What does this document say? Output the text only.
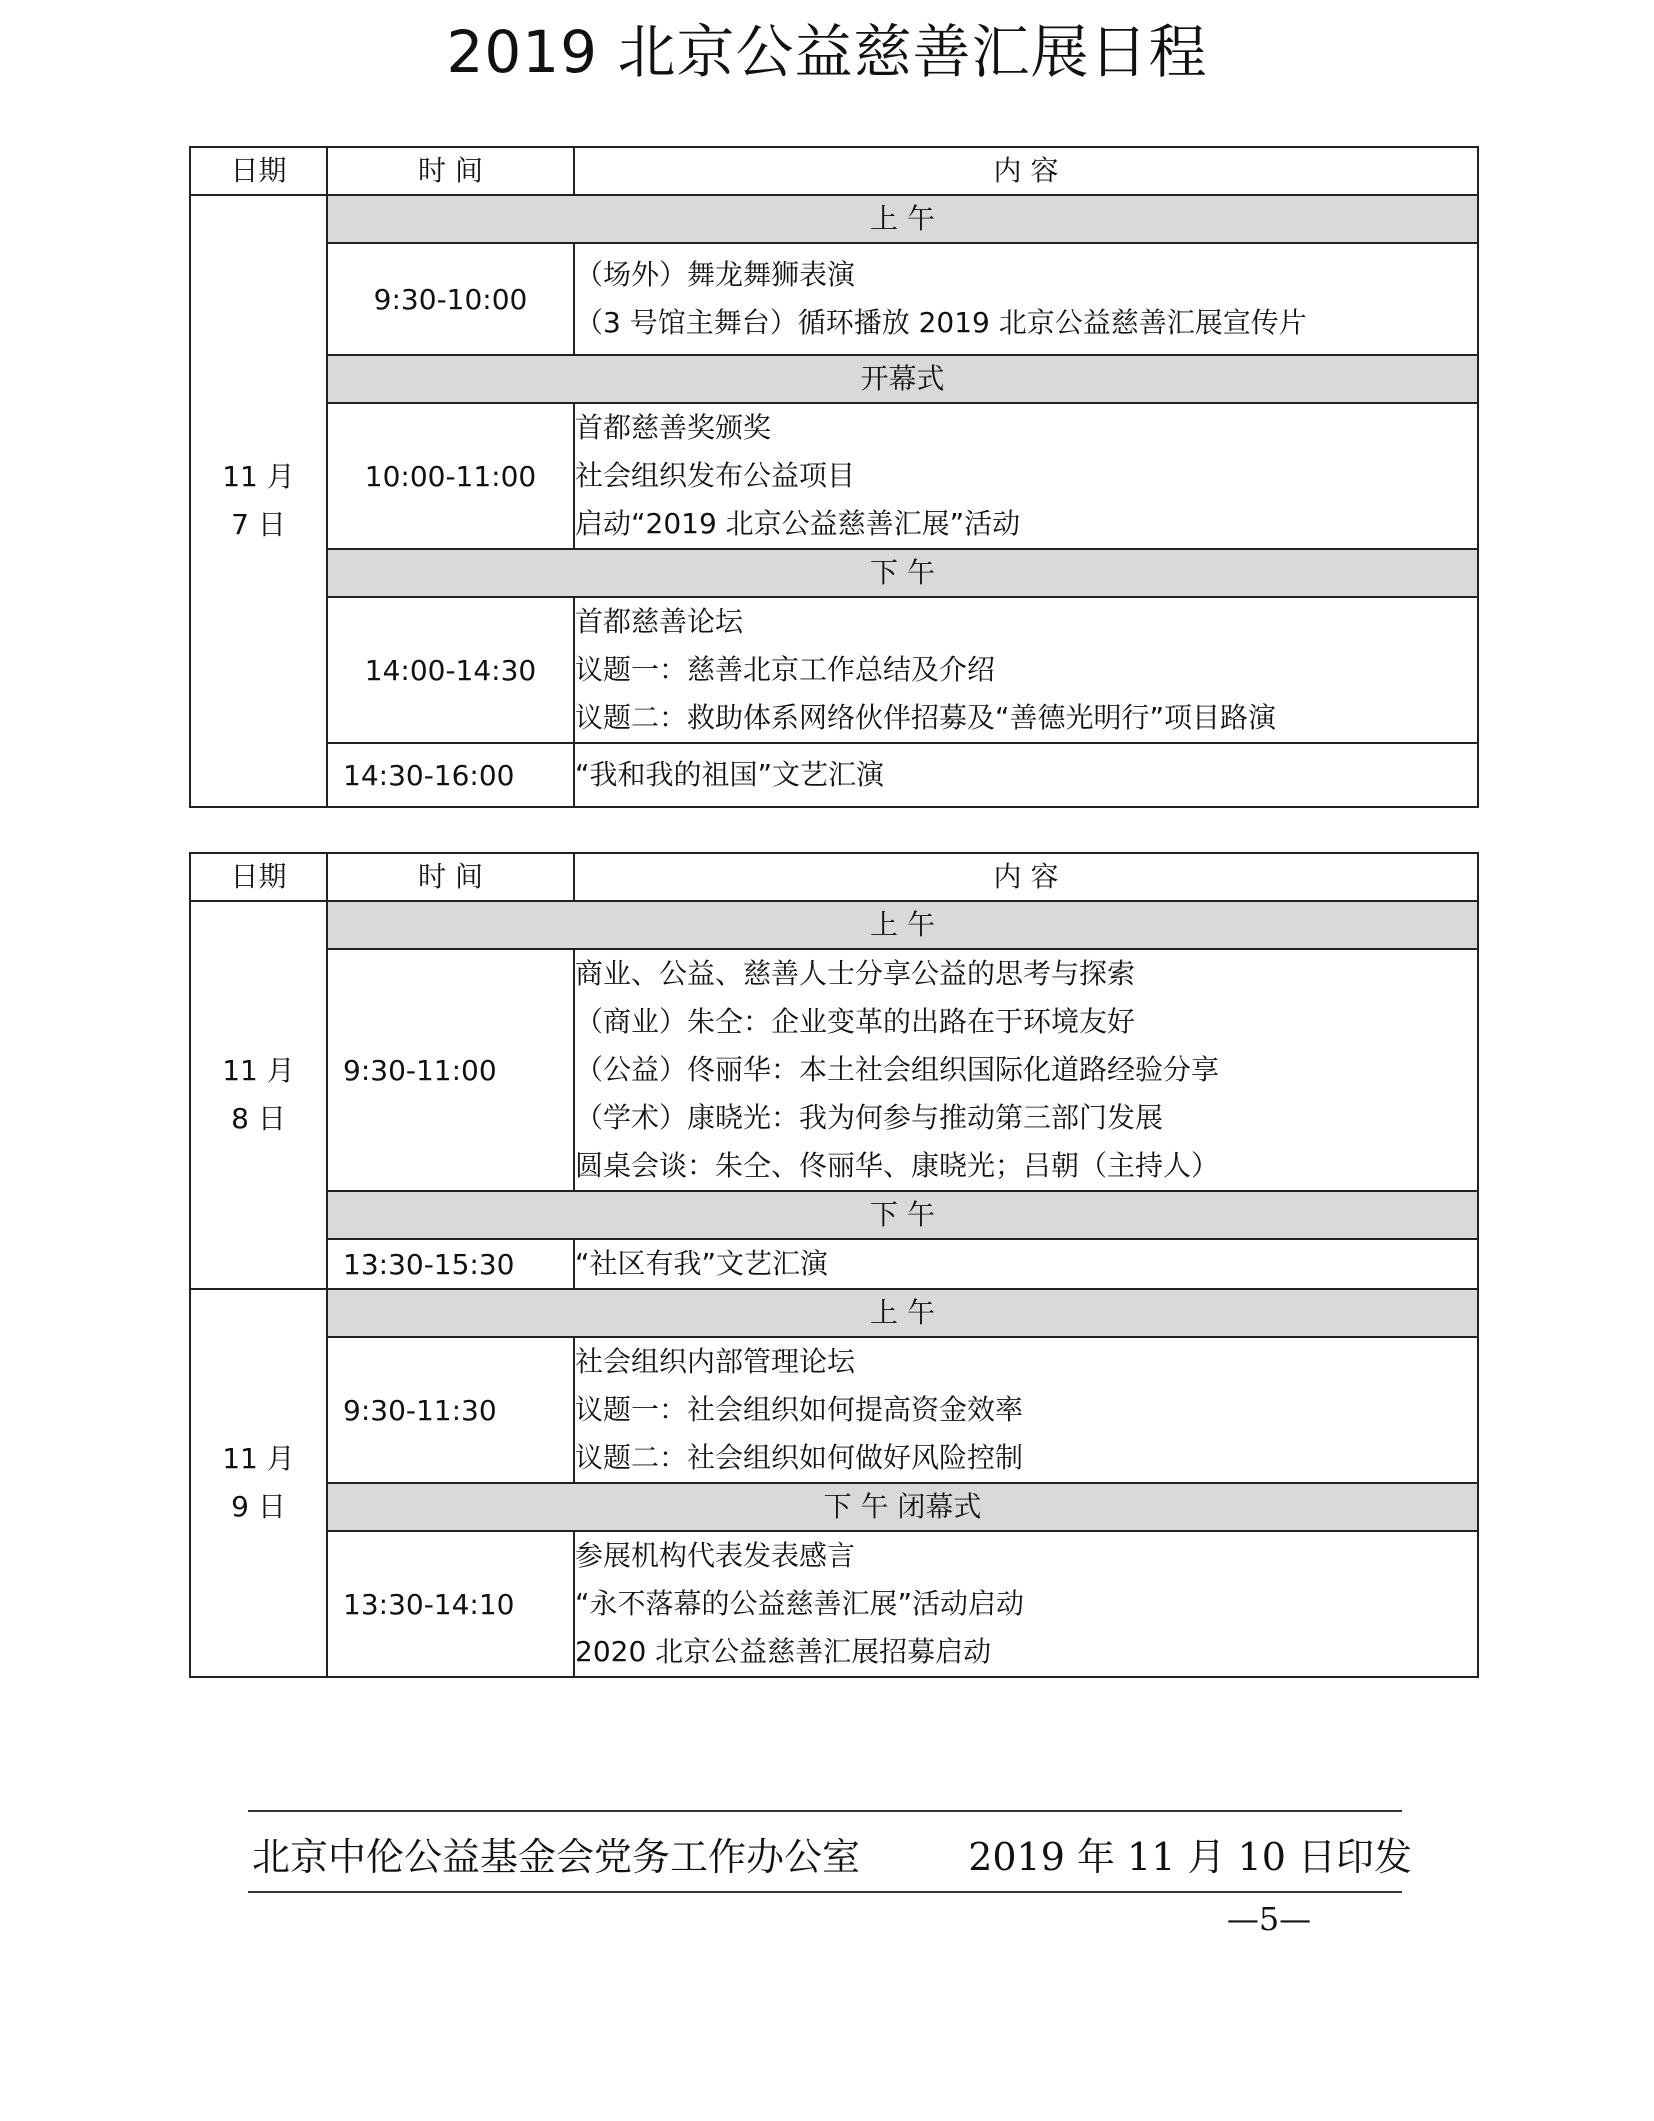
2019 北京公益慈善汇展日程
日期	时 间	内 容
11 月
7 日	上 午	
	9:30-10:00	（场外）舞龙舞狮表演
（3 号馆主舞台）循环播放 2019 北京公益慈善汇展宣传片

	开幕式	
	10:00-11:00	首都慈善奖颁奖
社会组织发布公益项目
启动“2019 北京公益慈善汇展”活动

	下 午	
	14:00-14:30	首都慈善论坛
议题一：慈善北京工作总结及介绍
议题二：救助体系网络伙伴招募及“善德光明行”项目路演

	14:30-16:00	“我和我的祖国”文艺汇演
日期	时 间	内 容
11 月
8 日	上 午	
	9:30-11:00	商业、公益、慈善人士分享公益的思考与探索
（商业）朱仝：企业变革的出路在于环境友好
（公益）佟丽华：本土社会组织国际化道路经验分享
（学术）康晓光：我为何参与推动第三部门发展
圆桌会谈：朱仝、佟丽华、康晓光；吕朝（主持人）

	下 午	
	13:30-15:30	“社区有我”文艺汇演

11 月
9 日	上 午	
	9:30-11:30	社会组织内部管理论坛
议题一：社会组织如何提高资金效率
议题二：社会组织如何做好风险控制

	下 午 闭幕式	
	13:30-14:10	参展机构代表发表感言
“永不落幕的公益慈善汇展”活动启动
2020 北京公益慈善汇展招募启动
北京中伦公益基金会党务工作办公室	2019 年 11 月 10 日印发
—5—
